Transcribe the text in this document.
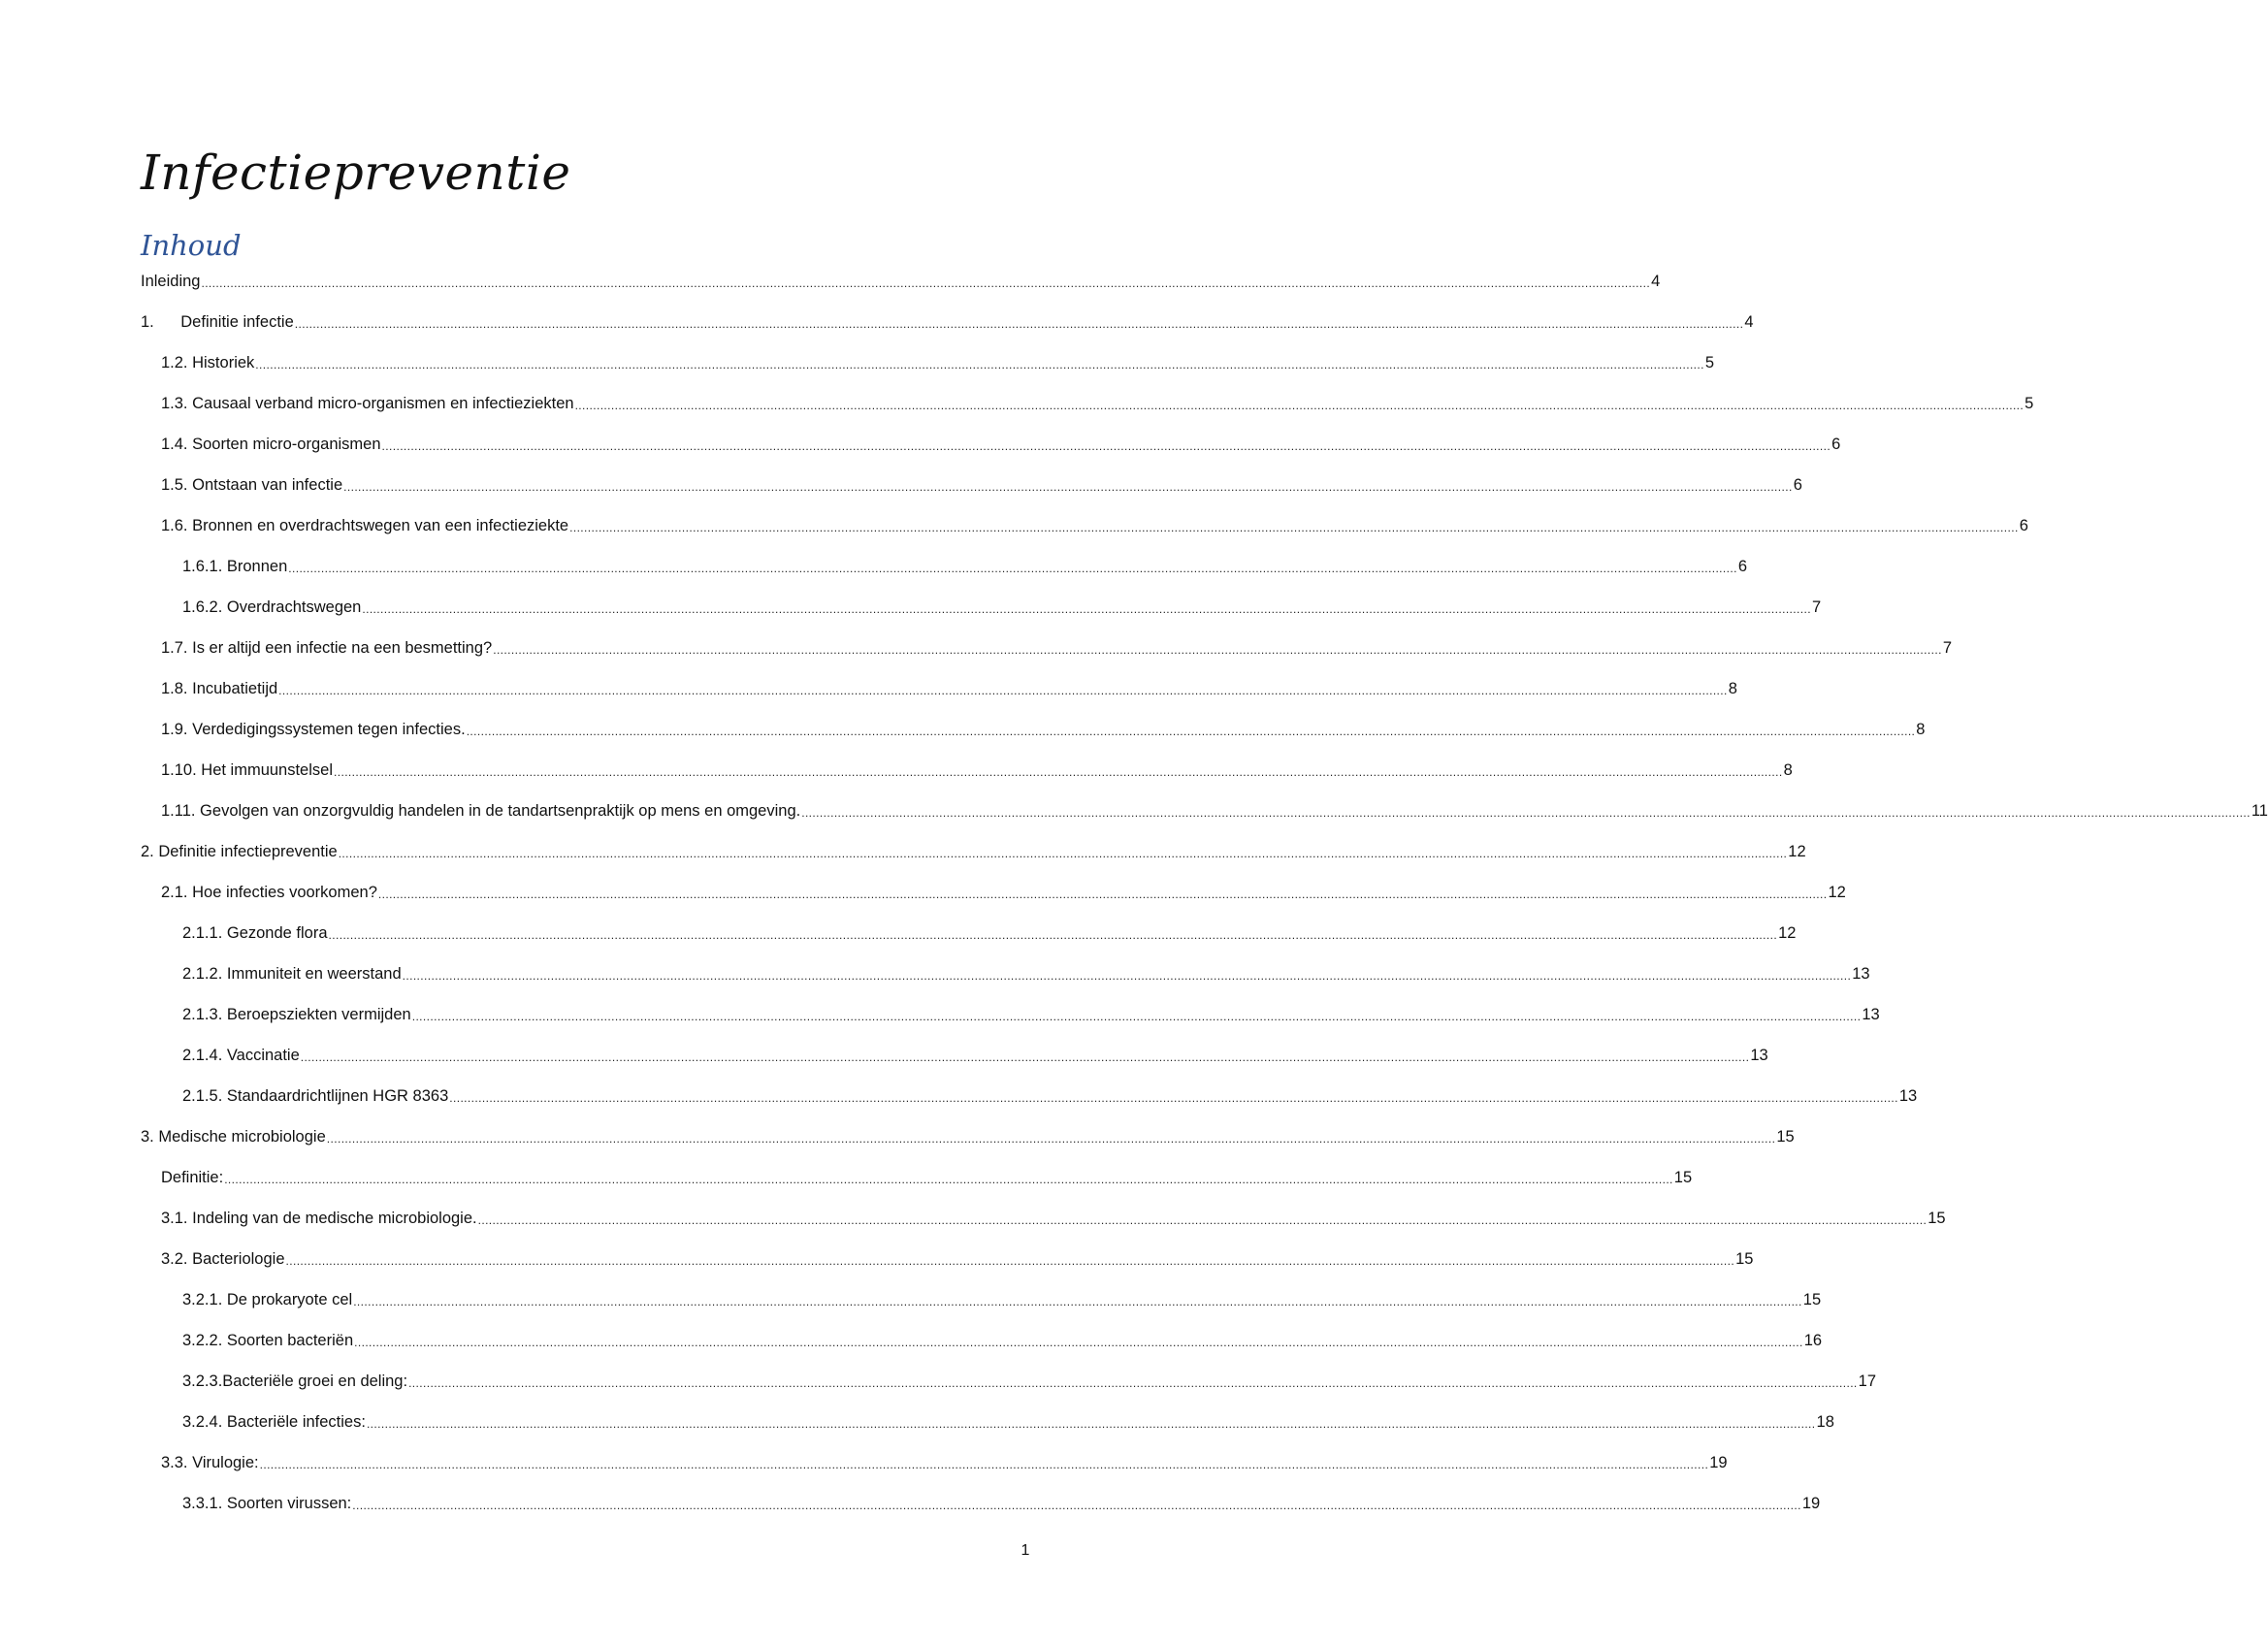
Infectiepreventie
Inhoud
Inleiding ................................................................................................................................................................................................................................................................................................................................................................................................................ 4
1.      Definitie infectie ................................................................................................................................................................................................................................................................................................................................................................................................................ 4
1.2. Historiek ................................................................................................................................................................................................................................................................................................................................................................................................................ 5
1.3. Causaal verband micro-organismen en infectieziekten ................................................................................................................................................................................................................................................................................................................................................................................................................ 5
1.4. Soorten micro-organismen ................................................................................................................................................................................................................................................................................................................................................................................................................ 6
1.5. Ontstaan van infectie ................................................................................................................................................................................................................................................................................................................................................................................................................ 6
1.6. Bronnen en overdrachtswegen van een infectieziekte ................................................................................................................................................................................................................................................................................................................................................................................................................ 6
1.6.1. Bronnen ................................................................................................................................................................................................................................................................................................................................................................................................................ 6
1.6.2. Overdrachtswegen ................................................................................................................................................................................................................................................................................................................................................................................................................ 7
1.7. Is er altijd een infectie na een besmetting? ................................................................................................................................................................................................................................................................................................................................................................................................................ 7
1.8. Incubatietijd ................................................................................................................................................................................................................................................................................................................................................................................................................ 8
1.9. Verdedigingssystemen tegen infecties. ................................................................................................................................................................................................................................................................................................................................................................................................................ 8
1.10. Het immuunstelsel ................................................................................................................................................................................................................................................................................................................................................................................................................ 8
1.11. Gevolgen van onzorgvuldig handelen in de tandartsenpraktijk op mens en omgeving. ................................................................................................................................................................................................................................................................................................................................................................................................................ 11
2. Definitie infectiepreventie ................................................................................................................................................................................................................................................................................................................................................................................................................ 12
2.1. Hoe infecties voorkomen? ................................................................................................................................................................................................................................................................................................................................................................................................................ 12
2.1.1. Gezonde flora ................................................................................................................................................................................................................................................................................................................................................................................................................ 12
2.1.2. Immuniteit en weerstand ................................................................................................................................................................................................................................................................................................................................................................................................................ 13
2.1.3. Beroepsziekten vermijden ................................................................................................................................................................................................................................................................................................................................................................................................................ 13
2.1.4. Vaccinatie ................................................................................................................................................................................................................................................................................................................................................................................................................ 13
2.1.5. Standaardrichtlijnen HGR 8363 ................................................................................................................................................................................................................................................................................................................................................................................................................ 13
3. Medische microbiologie ................................................................................................................................................................................................................................................................................................................................................................................................................ 15
Definitie: ................................................................................................................................................................................................................................................................................................................................................................................................................ 15
3.1. Indeling van de medische microbiologie. ................................................................................................................................................................................................................................................................................................................................................................................................................ 15
3.2. Bacteriologie ................................................................................................................................................................................................................................................................................................................................................................................................................ 15
3.2.1. De prokaryote cel ................................................................................................................................................................................................................................................................................................................................................................................................................ 15
3.2.2. Soorten bacteriën ................................................................................................................................................................................................................................................................................................................................................................................................................ 16
3.2.3.Bacteriële groei en deling: ................................................................................................................................................................................................................................................................................................................................................................................................................ 17
3.2.4. Bacteriële infecties: ................................................................................................................................................................................................................................................................................................................................................................................................................ 18
3.3. Virulogie: ................................................................................................................................................................................................................................................................................................................................................................................................................ 19
3.3.1. Soorten virussen: ................................................................................................................................................................................................................................................................................................................................................................................................................ 19
1
